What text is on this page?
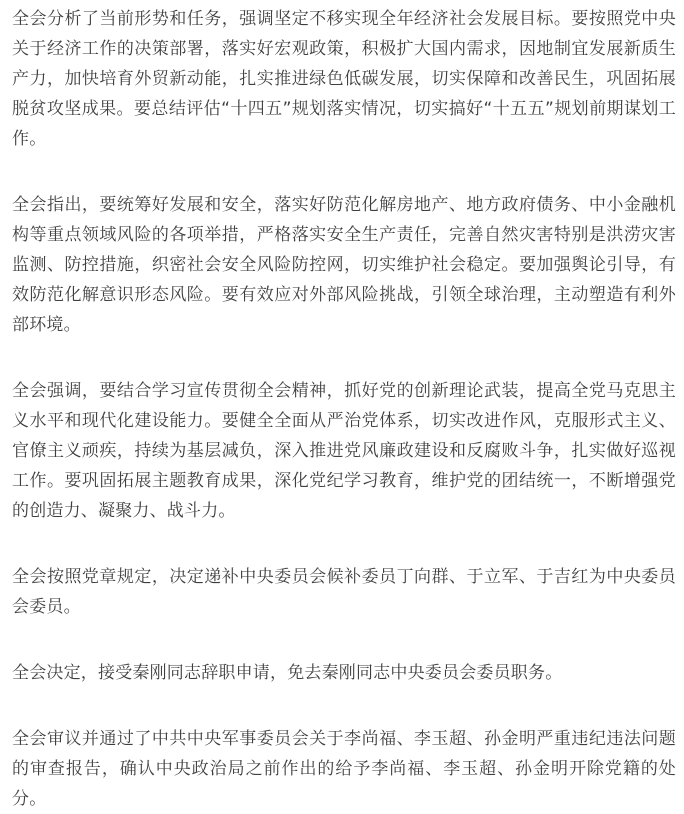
全会分析了当前形势和任务，强调坚定不移实现全年经济社会发展目标。要按照党中央关于经济工作的决策部署，落实好宏观政策，积极扩大国内需求，因地制宜发展新质生产力，加快培育外贸新动能，扎实推进绿色低碳发展，切实保障和改善民生，巩固拓展脱贫攻坚成果。要总结评估“十四五”规划落实情况，切实搞好“十五五”规划前期谋划工作。

全会指出，要统筹好发展和安全，落实好防范化解房地产、地方政府债务、中小金融机构等重点领域风险的各项举措，严格落实安全生产责任，完善自然灾害特别是洪涝灾害监测、防控措施，织密社会安全风险防控网，切实维护社会稳定。要加强舆论引导，有效防范化解意识形态风险。要有效应对外部风险挑战，引领全球治理，主动塑造有利外部环境。

全会强调，要结合学习宣传贯彻全会精神，抓好党的创新理论武装，提高全党马克思主义水平和现代化建设能力。要健全全面从严治党体系，切实改进作风，克服形式主义、官僚主义顽疾，持续为基层减负，深入推进党风廉政建设和反腐败斗争，扎实做好巡视工作。要巩固拓展主题教育成果，深化党纪学习教育，维护党的团结统一，不断增强党的创造力、凝聚力、战斗力。

全会按照党章规定，决定递补中央委员会候补委员丁向群、于立军、于吉红为中央委员会委员。

全会决定，接受秦刚同志辞职申请，免去秦刚同志中央委员会委员职务。

全会审议并通过了中共中央军事委员会关于李尚福、李玉超、孙金明严重违纪违法问题的审查报告，确认中央政治局之前作出的给予李尚福、李玉超、孙金明开除党籍的处分。
